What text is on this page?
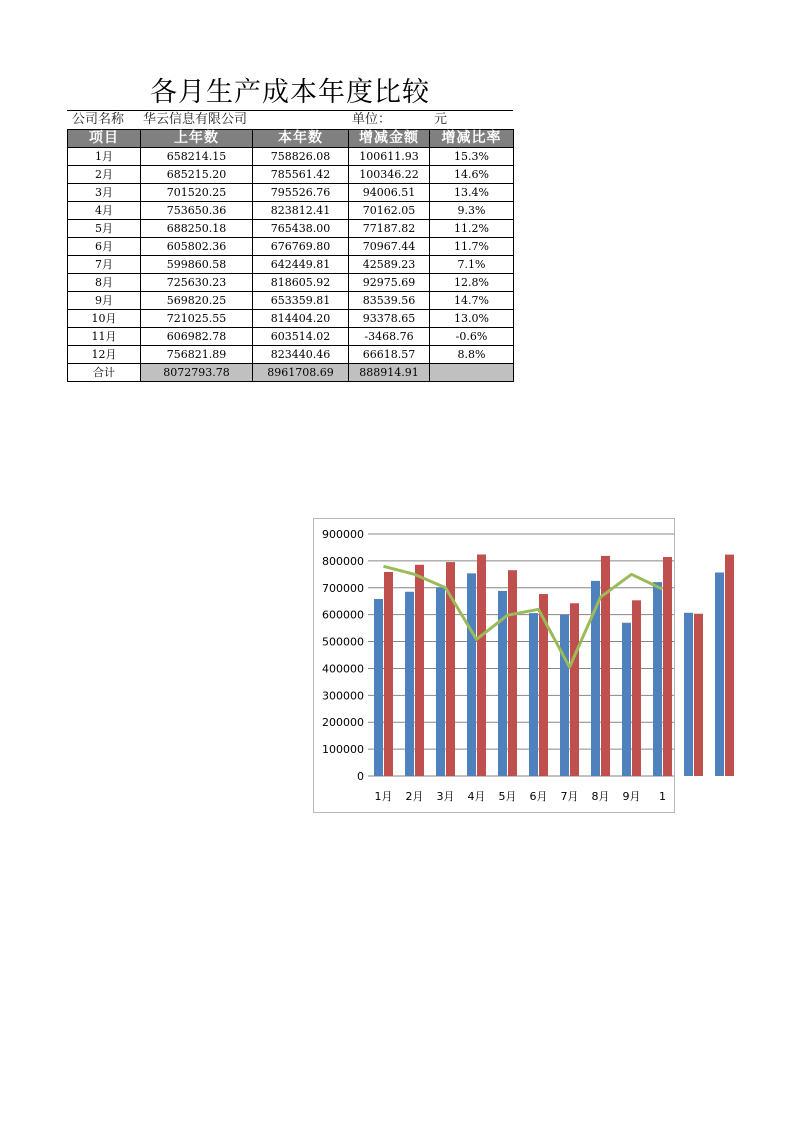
各月生产成本年度比较
公司名称 华云信息有限公司	单位：	元
项目	上年数	本年数	增减金额	增减比率
1月	658214.15	758826.08	100611.93	15.3%
2月	685215.20	785561.42	100346.22	14.6%
3月	701520.25	795526.76	94006.51	13.4%
4月	753650.36	823812.41	70162.05	9.3%
5月	688250.18	765438.00	77187.82	11.2%
6月	605802.36	676769.80	70967.44	11.7%
7月	599860.58	642449.81	42589.23	7.1%
8月	725630.23	818605.92	92975.69	12.8%
9月	569820.25	653359.81	83539.56	14.7%
10月	721025.55	814404.20	93378.65	13.0%
11月	606982.78	603514.02	-3468.76	-0.6%
12月	756821.89	823440.46	66618.57	8.8%
合计	8072793.78	8961708.69	888914.91	
900000
800000
700000
600000
500000
400000
300000
200000
100000
0
1月 2月 3月 4月 5月 6月 7月 8月 9月 1
